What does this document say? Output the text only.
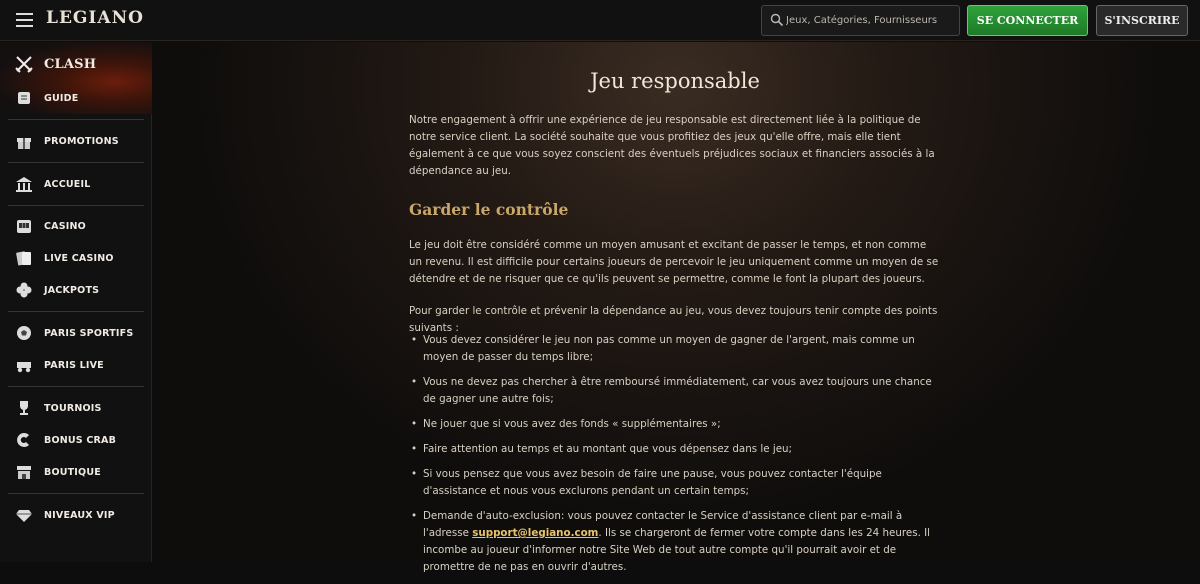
LEGIANO
Jeux, Catégories, Fournisseurs	SE CONNECTER	S'INSCRIRE
CLASH
GUIDE
PROMOTIONS
ACCUEIL
CASINO
LIVE CASINO
JACKPOTS
PARIS SPORTIFS
PARIS LIVE
TOURNOIS
BONUS CRAB
BOUTIQUE
NIVEAUX VIP
Jeu responsable

Notre engagement à offrir une expérience de jeu responsable est directement liée à la politique de notre service client. La société souhaite que vous profitiez des jeux qu'elle offre, mais elle tient également à ce que vous soyez conscient des éventuels préjudices sociaux et financiers associés à la dépendance au jeu.

Garder le contrôle

Le jeu doit être considéré comme un moyen amusant et excitant de passer le temps, et non comme un revenu. Il est difficile pour certains joueurs de percevoir le jeu uniquement comme un moyen de se détendre et de ne risquer que ce qu'ils peuvent se permettre, comme le font la plupart des joueurs.

Pour garder le contrôle et prévenir la dépendance au jeu, vous devez toujours tenir compte des points suivants :

• Vous devez considérer le jeu non pas comme un moyen de gagner de l'argent, mais comme un moyen de passer du temps libre;
• Vous ne devez pas chercher à être remboursé immédiatement, car vous avez toujours une chance de gagner une autre fois;
• Ne jouer que si vous avez des fonds « supplémentaires »;
• Faire attention au temps et au montant que vous dépensez dans le jeu;
• Si vous pensez que vous avez besoin de faire une pause, vous pouvez contacter l'équipe d'assistance et nous vous exclurons pendant un certain temps;
• Demande d'auto-exclusion: vous pouvez contacter le Service d'assistance client par e-mail à l'adresse support@legiano.com. Ils se chargeront de fermer votre compte dans les 24 heures. Il incombe au joueur d'informer notre Site Web de tout autre compte qu'il pourrait avoir et de promettre de ne pas en ouvrir d'autres.
